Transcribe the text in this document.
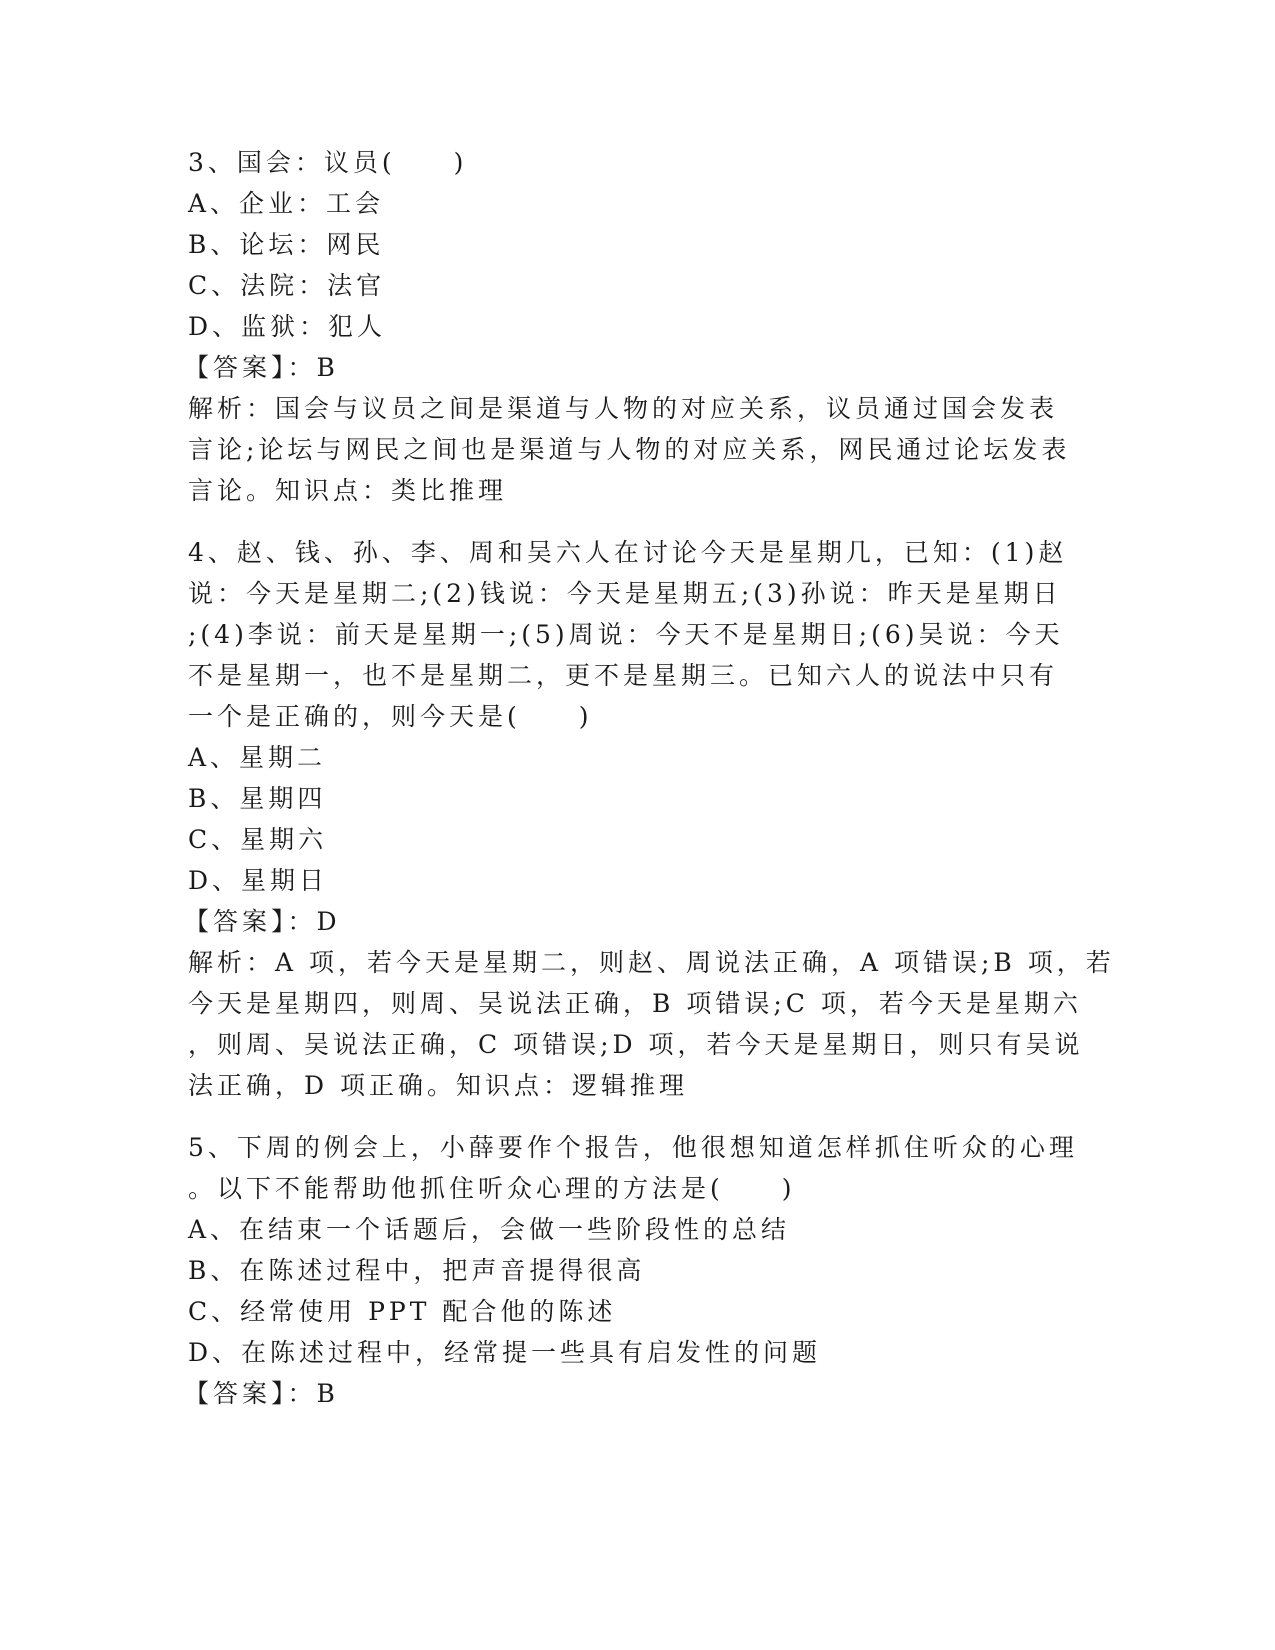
3、国会：议员(　　)
A、企业：工会
B、论坛：网民
C、法院：法官
D、监狱：犯人
【答案】：B
解析：国会与议员之间是渠道与人物的对应关系，议员通过国会发表
言论;论坛与网民之间也是渠道与人物的对应关系，网民通过论坛发表
言论。知识点：类比推理
4、赵、钱、孙、李、周和吴六人在讨论今天是星期几，已知：(1)赵
说：今天是星期二;(2)钱说：今天是星期五;(3)孙说：昨天是星期日
;(4)李说：前天是星期一;(5)周说：今天不是星期日;(6)吴说：今天
不是星期一，也不是星期二，更不是星期三。已知六人的说法中只有
一个是正确的，则今天是(　　)
A、星期二
B、星期四
C、星期六
D、星期日
【答案】：D
解析：A 项，若今天是星期二，则赵、周说法正确，A 项错误;B 项，若
今天是星期四，则周、吴说法正确，B 项错误;C 项，若今天是星期六
，则周、吴说法正确，C 项错误;D 项，若今天是星期日，则只有吴说
法正确，D 项正确。知识点：逻辑推理
5、下周的例会上，小薛要作个报告，他很想知道怎样抓住听众的心理
。以下不能帮助他抓住听众心理的方法是(　　)
A、在结束一个话题后，会做一些阶段性的总结
B、在陈述过程中，把声音提得很高
C、经常使用 PPT 配合他的陈述
D、在陈述过程中，经常提一些具有启发性的问题
【答案】：B
